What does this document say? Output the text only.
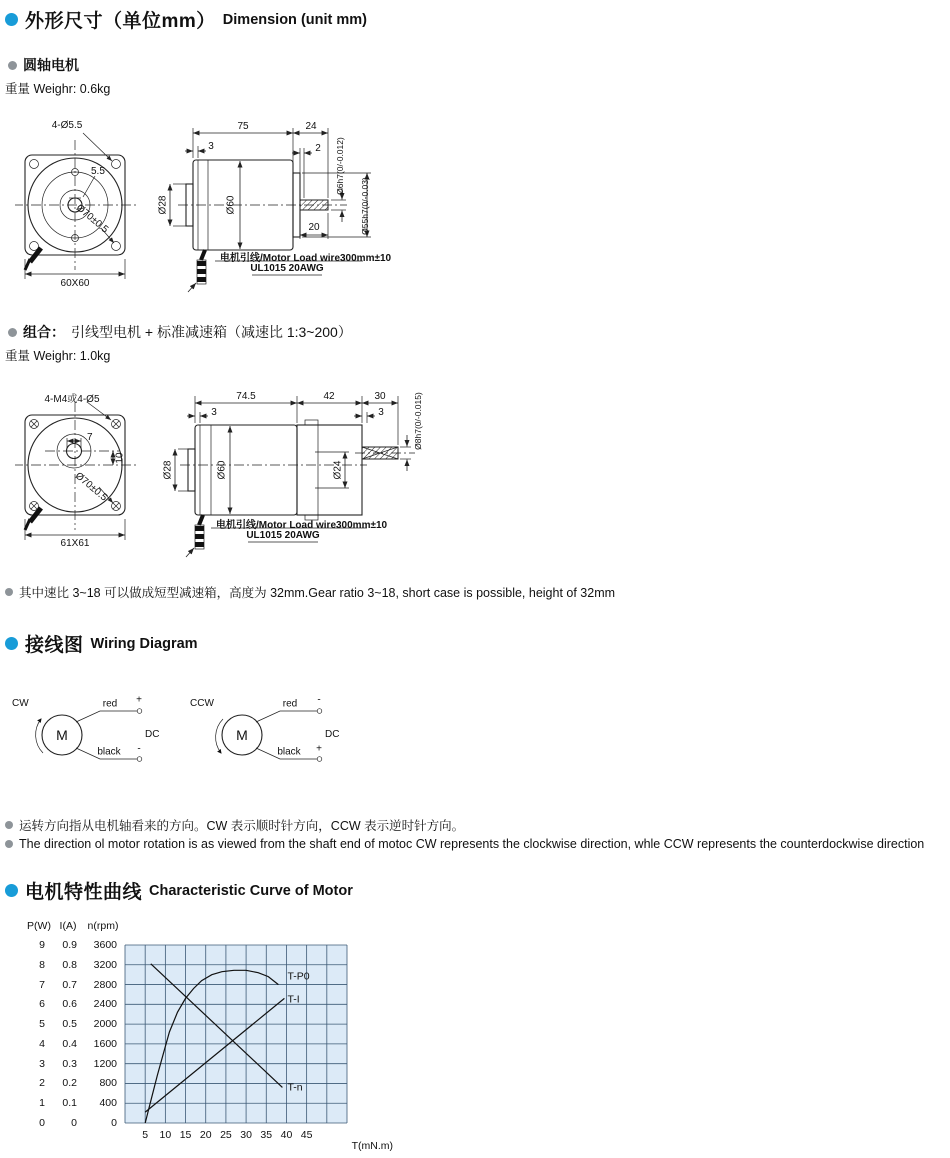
外形尺寸（单位mm） Dimension (unit mm)
圆轴电机
重量 Weighr: 0.6kg
4-Ø5.5
5.5
Ø70±0.5
60X60
75	24
3	2
Ø28	Ø60
Ø6h7(0/-0.012)
Ø55h7(0/-0.03)
20
电机引线/Motor Load wire300mm±10
UL1015 20AWG
组合： 引线型电机 + 标准减速箱（减速比 1:3~200）
重量 Weighr: 1.0kg
4-M4或4-Ø5
7
10
Ø70±0.5
61X61
74.5	42	30
3	3
Ø28	Ø60	Ø24
Ø8h7(0/-0.015)
电机引线/Motor Load wire300mm±10
UL1015 20AWG
其中速比 3~18 可以做成短型减速箱，高度为 32mm.Gear ratio 3~18, short case is possible, height of 32mm
接线图 Wiring Diagram
CW
M
red +
black -
DC
CCW
M
red -
black +
DC
运转方向指从电机轴看来的方向。CW 表示顺时针方向，CCW 表示逆时针方向。
The direction ol motor rotation is as viewed from the shaft end of motoc CW represents the clockwise direction, whle CCW represents the counterdockwise direction
电机特性曲线 Characteristic Curve of Motor
T-P0
T-I
T-n
5 10 15 20 25 30 35 40 45
T(mN.m)
P(W)
9
8
7
6
5
4
3
2
1
0
I(A)
0.9
0.8
0.7
0.6
0.5
0.4
0.3
0.2
0.1
0
n(rpm)
3600
3200
2800
2400
2000
1600
1200
800
400
0
